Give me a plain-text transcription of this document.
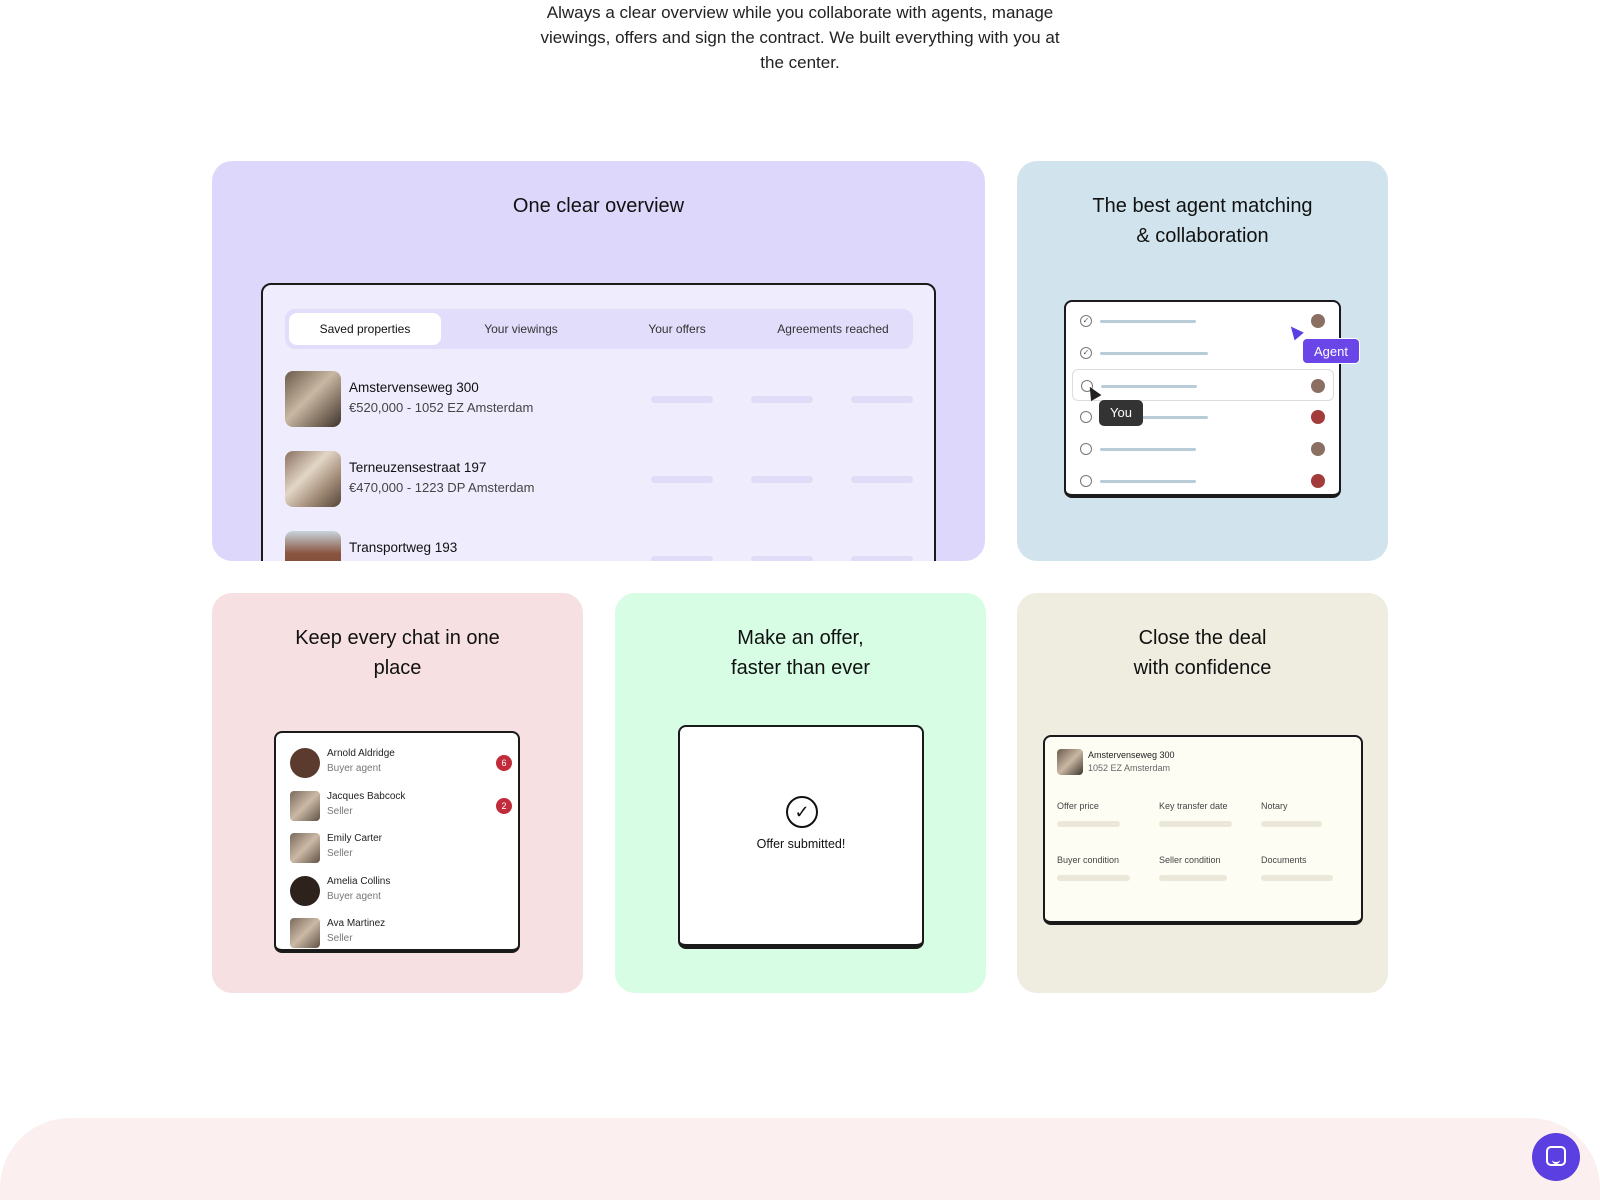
Always a clear overview while you collaborate with agents, manage
viewings, offers and sign the contract. We built everything with you at
the center.
One clear overview
Saved properties	Your viewings	Your offers	Agreements reached
Amstervenseweg 300
€520,000 - 1052 EZ Amsterdam
Terneuzensestraat 197
€470,000 - 1223 DP Amsterdam
Transportweg 193
The best agent matching
& collaboration
✓
✓	Agent
You
Keep every chat in one place
Arnold Aldridge
Buyer agent	6
Jacques Babcock
Seller	2
Emily Carter
Seller
Amelia Collins
Buyer agent
Ava Martinez
Seller
Make an offer,
faster than ever
✓
Offer submitted!
Close the deal
with confidence
Amstervenseweg 300
1052 EZ Amsterdam
Offer price	Key transfer date	Notary
Buyer condition	Seller condition	Documents
